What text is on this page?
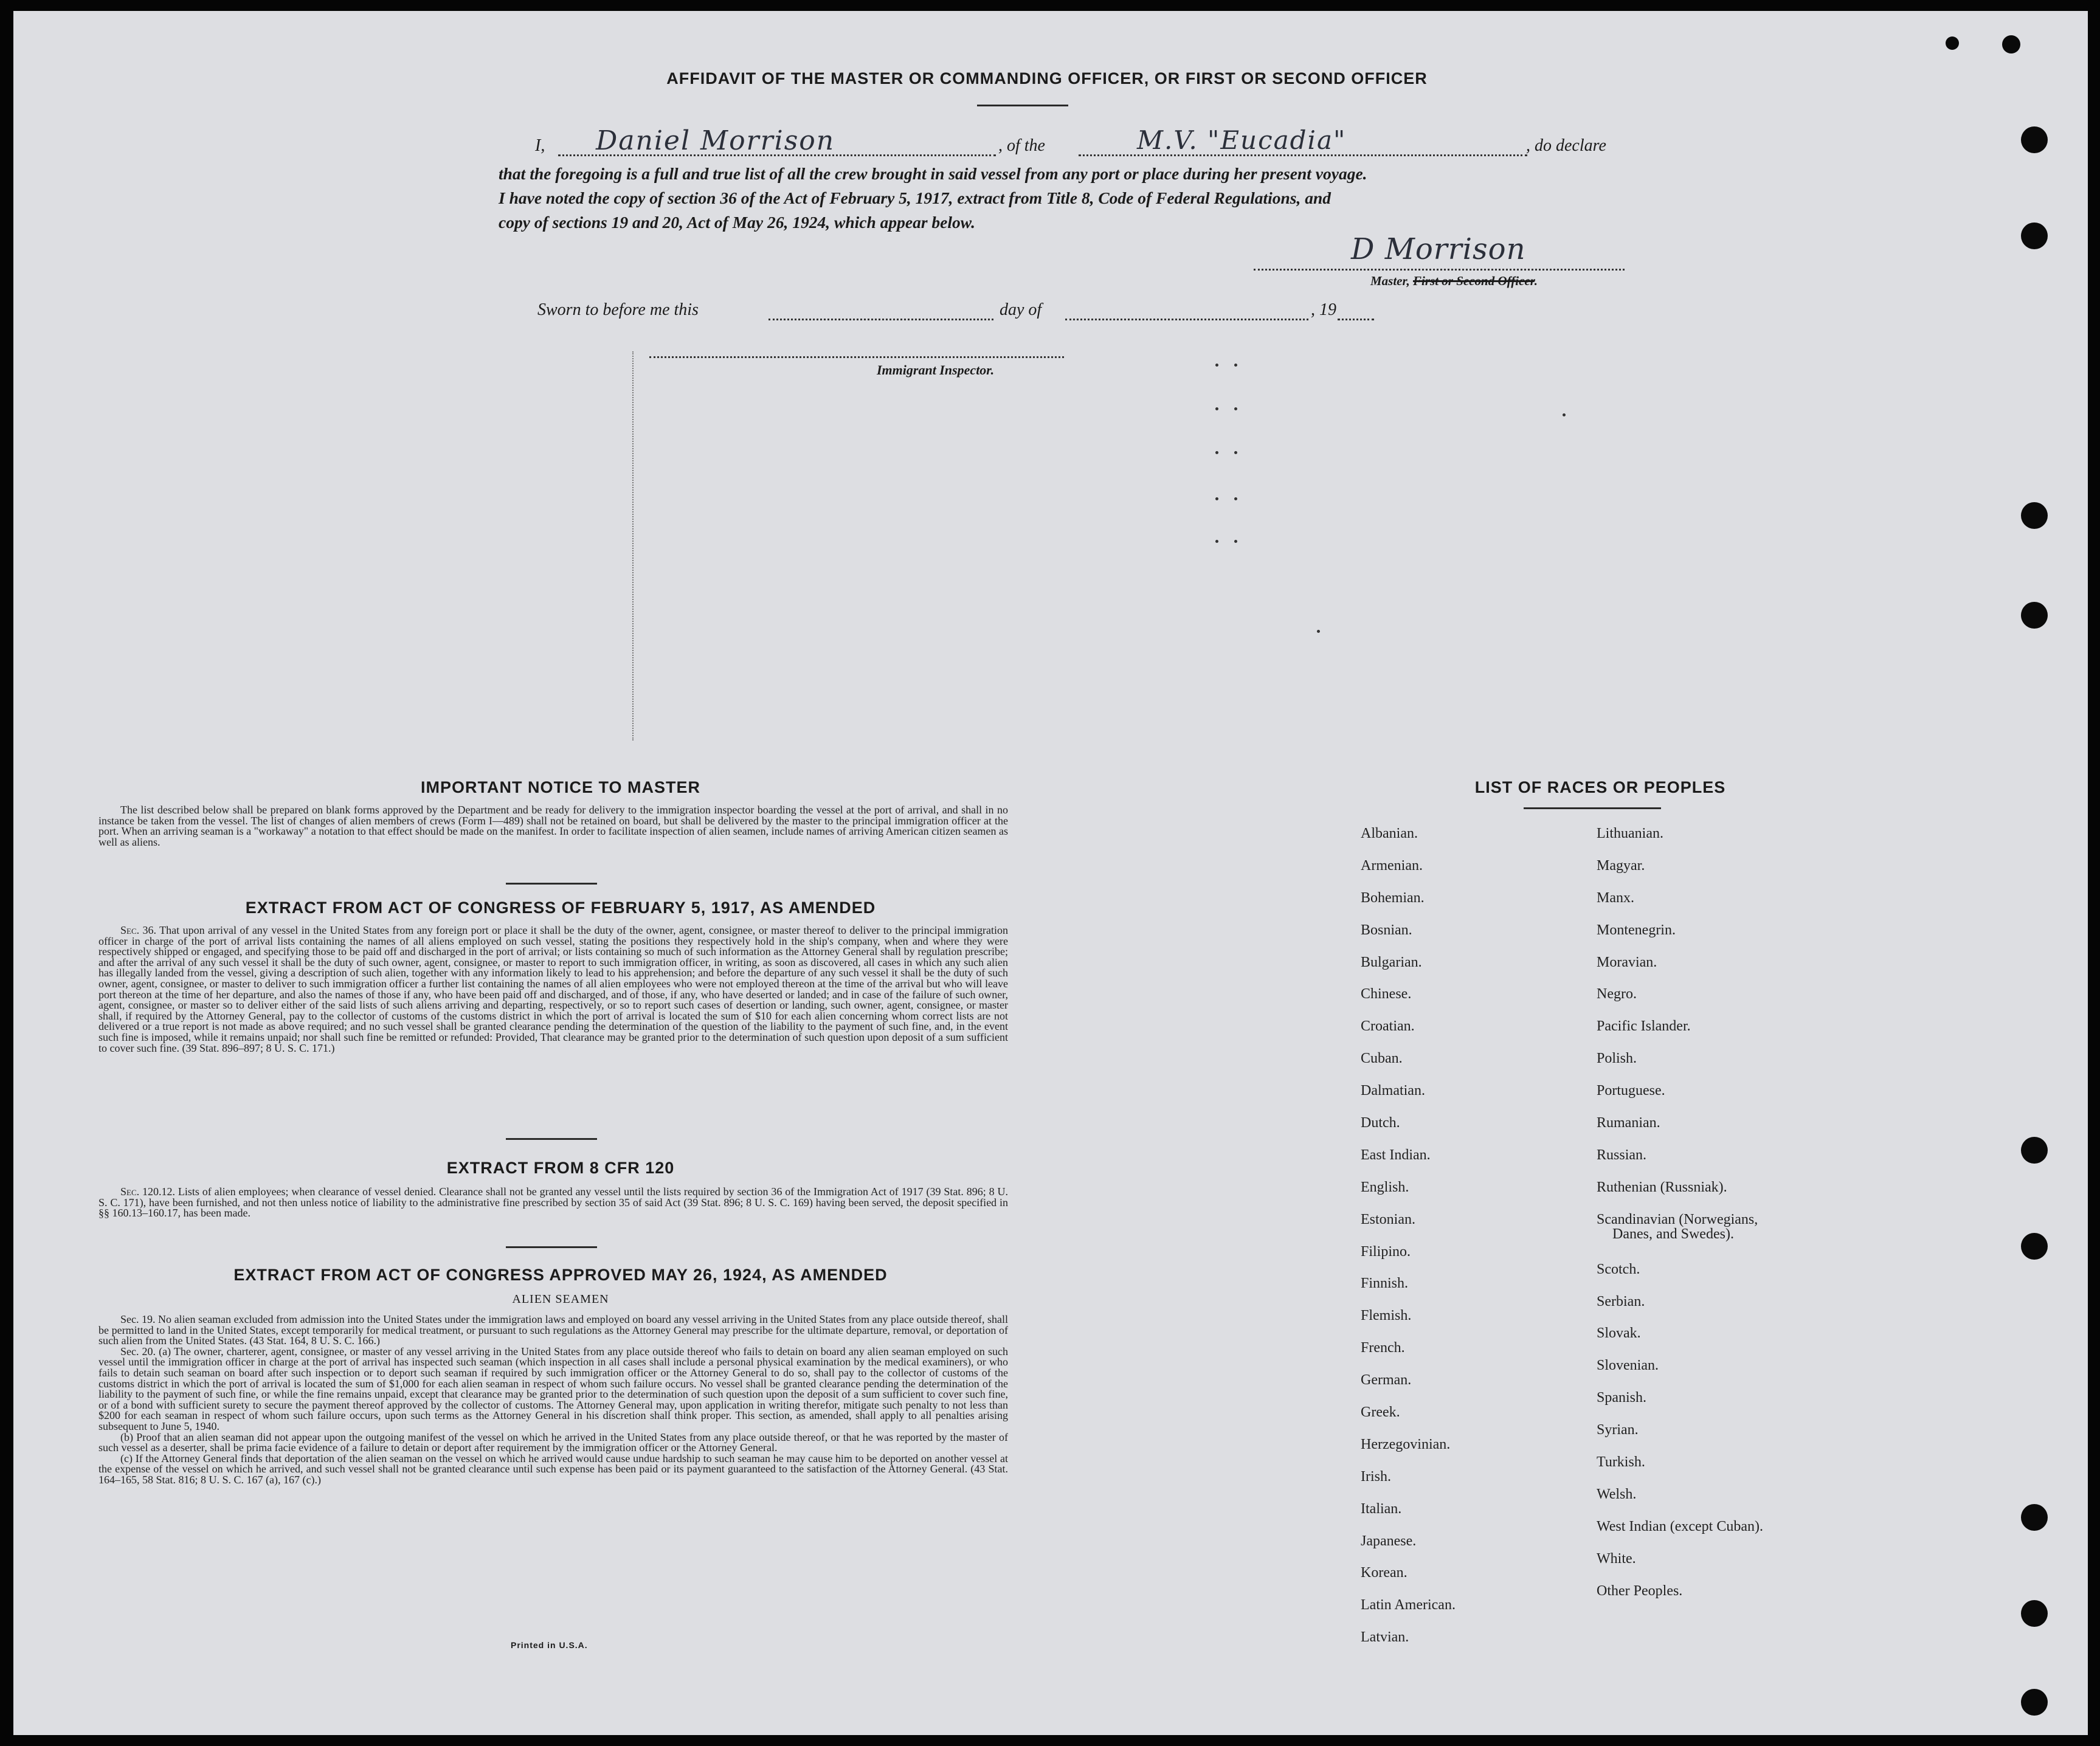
AFFIDAVIT OF THE MASTER OR COMMANDING OFFICER, OR FIRST OR SECOND OFFICER
I, Daniel Morrison	, of the	M.V. "Eucadia"	, do declare
that the foregoing is a full and true list of all the crew brought in said vessel from any port or place during her present voyage.
I have noted the copy of section 36 of the Act of February 5, 1917, extract from Title 8, Code of Federal Regulations, and
copy of sections 19 and 20, Act of May 26, 1924, which appear below.
D Morrison
Master, First or Second Officer.
Sworn to before me this	day of	, 19
Immigrant Inspector.
IMPORTANT NOTICE TO MASTER

The list described below shall be prepared on blank forms approved by the Department and be ready for delivery to the immigration inspector boarding the vessel at the port of arrival, and shall in no instance be taken from the vessel. The list of changes of alien members of crews (Form I—489) shall not be retained on board, but shall be delivered by the master to the principal immigration officer at the port. When an arriving seaman is a "workaway" a notation to that effect should be made on the manifest. In order to facilitate inspection of alien seamen, include names of arriving American citizen seamen as well as aliens.

EXTRACT FROM ACT OF CONGRESS OF FEBRUARY 5, 1917, AS AMENDED

Sec. 36. That upon arrival of any vessel in the United States from any foreign port or place it shall be the duty of the owner, agent, consignee, or master thereof to deliver to the principal immigration officer in charge of the port of arrival lists containing the names of all aliens employed on such vessel, stating the positions they respectively hold in the ship's company, when and where they were respectively shipped or engaged, and specifying those to be paid off and discharged in the port of arrival; or lists containing so much of such information as the Attorney General shall by regulation prescribe; and after the arrival of any such vessel it shall be the duty of such owner, agent, consignee, or master to report to such immigration officer, in writing, as soon as discovered, all cases in which any such alien has illegally landed from the vessel, giving a description of such alien, together with any information likely to lead to his apprehension; and before the departure of any such vessel it shall be the duty of such owner, agent, consignee, or master to deliver to such immigration officer a further list containing the names of all alien employees who were not employed thereon at the time of the arrival but who will leave port thereon at the time of her departure, and also the names of those if any, who have been paid off and discharged, and of those, if any, who have deserted or landed; and in case of the failure of such owner, agent, consignee, or master so to deliver either of the said lists of such aliens arriving and departing, respectively, or so to report such cases of desertion or landing, such owner, agent, consignee, or master shall, if required by the Attorney General, pay to the collector of customs of the customs district in which the port of arrival is located the sum of $10 for each alien concerning whom correct lists are not delivered or a true report is not made as above required; and no such vessel shall be granted clearance pending the determination of the question of the liability to the payment of such fine, and, in the event such fine is imposed, while it remains unpaid; nor shall such fine be remitted or refunded: Provided, That clearance may be granted prior to the determination of such question upon deposit of a sum sufficient to cover such fine. (39 Stat. 896–897; 8 U. S. C. 171.)

EXTRACT FROM 8 CFR 120

Sec. 120.12. Lists of alien employees; when clearance of vessel denied. Clearance shall not be granted any vessel until the lists required by section 36 of the Immigration Act of 1917 (39 Stat. 896; 8 U. S. C. 171), have been furnished, and not then unless notice of liability to the administrative fine prescribed by section 35 of said Act (39 Stat. 896; 8 U. S. C. 169) having been served, the deposit specified in §§ 160.13–160.17, has been made.

EXTRACT FROM ACT OF CONGRESS APPROVED MAY 26, 1924, AS AMENDED
ALIEN SEAMEN

Sec. 19. No alien seaman excluded from admission into the United States under the immigration laws and employed on board any vessel arriving in the United States from any place outside thereof, shall be permitted to land in the United States, except temporarily for medical treatment, or pursuant to such regulations as the Attorney General may prescribe for the ultimate departure, removal, or deportation of such alien from the United States. (43 Stat. 164, 8 U. S. C. 166.)

Sec. 20. (a) The owner, charterer, agent, consignee, or master of any vessel arriving in the United States from any place outside thereof who fails to detain on board any alien seaman employed on such vessel until the immigration officer in charge at the port of arrival has inspected such seaman (which inspection in all cases shall include a personal physical examination by the medical examiners), or who fails to detain such seaman on board after such inspection or to deport such seaman if required by such immigration officer or the Attorney General to do so, shall pay to the collector of customs of the customs district in which the port of arrival is located the sum of $1,000 for each alien seaman in respect of whom such failure occurs. No vessel shall be granted clearance pending the determination of the liability to the payment of such fine, or while the fine remains unpaid, except that clearance may be granted prior to the determination of such question upon the deposit of a sum sufficient to cover such fine, or of a bond with sufficient surety to secure the payment thereof approved by the collector of customs. The Attorney General may, upon application in writing therefor, mitigate such penalty to not less than $200 for each seaman in respect of whom such failure occurs, upon such terms as the Attorney General in his discretion shall think proper. This section, as amended, shall apply to all penalties arising subsequent to June 5, 1940.

(b) Proof that an alien seaman did not appear upon the outgoing manifest of the vessel on which he arrived in the United States from any place outside thereof, or that he was reported by the master of such vessel as a deserter, shall be prima facie evidence of a failure to detain or deport after requirement by the immigration officer or the Attorney General.

(c) If the Attorney General finds that deportation of the alien seaman on the vessel on which he arrived would cause undue hardship to such seaman he may cause him to be deported on another vessel at the expense of the vessel on which he arrived, and such vessel shall not be granted clearance until such expense has been paid or its payment guaranteed to the satisfaction of the Attorney General. (43 Stat. 164–165, 58 Stat. 816; 8 U. S. C. 167 (a), 167 (c).)

Printed in U.S.A.
LIST OF RACES OR PEOPLES
Albanian.
Armenian.
Bohemian.
Bosnian.
Bulgarian.
Chinese.
Croatian.
Cuban.
Dalmatian.
Dutch.
East Indian.
English.
Estonian.
Filipino.
Finnish.
Flemish.
French.
German.
Greek.
Herzegovinian.
Irish.
Italian.
Japanese.
Korean.
Latin American.
Latvian.
Lithuanian.
Magyar.
Manx.
Montenegrin.
Moravian.
Negro.
Pacific Islander.
Polish.
Portuguese.
Rumanian.
Russian.
Ruthenian (Russniak).
Scandinavian (Norwegians,
Danes, and Swedes).
Scotch.
Serbian.
Slovak.
Slovenian.
Spanish.
Syrian.
Turkish.
Welsh.
West Indian (except Cuban).
White.
Other Peoples.
